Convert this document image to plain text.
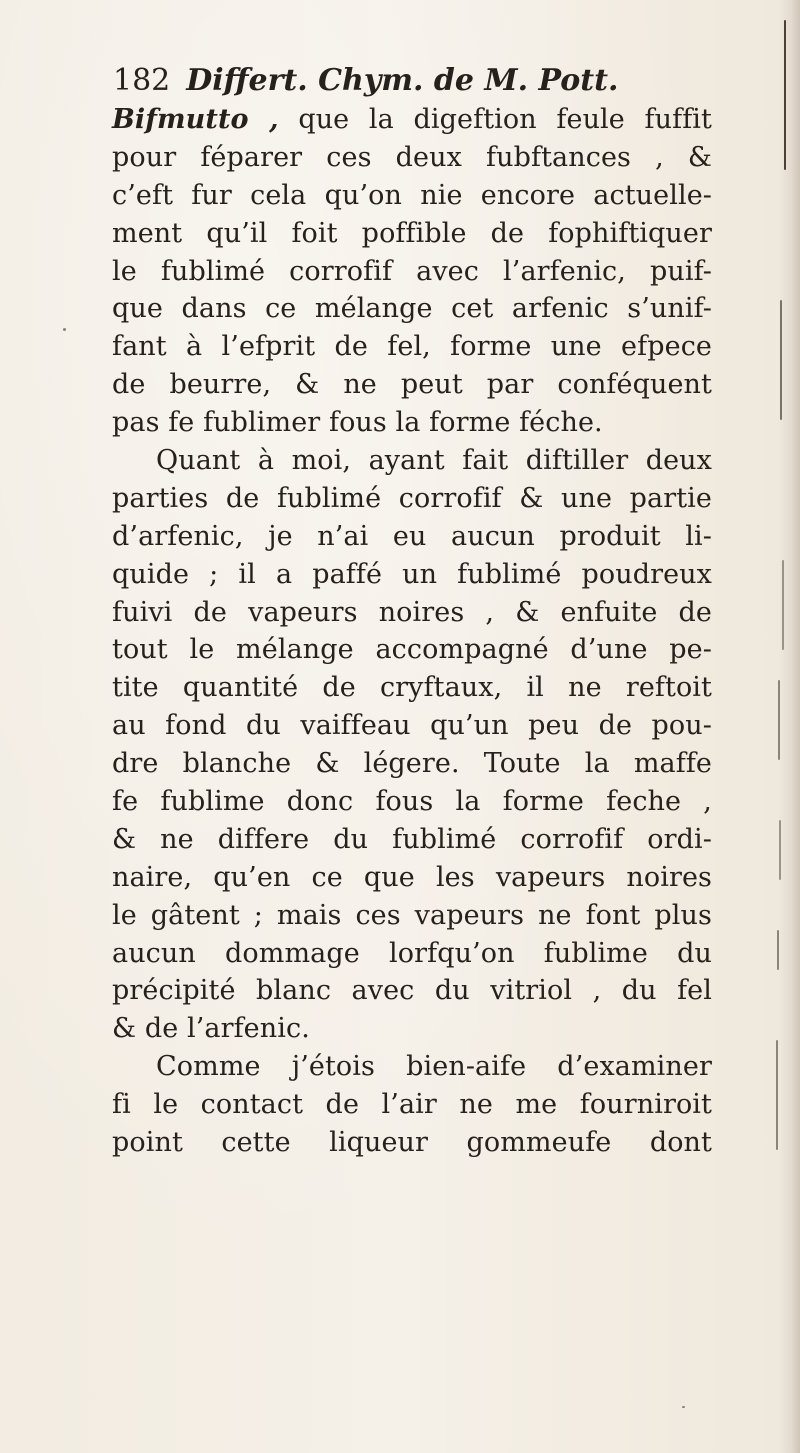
182 Differt. Chym. de M. Pott.
Bifmutto , que la digeftion feule fuffit
pour féparer ces deux fubftances , &
c’eft fur cela qu’on nie encore actuelle-
ment qu’il foit poffible de fophiftiquer
le fublimé corrofif avec l’arfenic, puif-
que dans ce mélange cet arfenic s’unif-
fant à l’efprit de fel, forme une efpece
de beurre, & ne peut par conféquent
pas fe fublimer fous la forme féche.
Quant à moi, ayant fait diftiller deux
parties de fublimé corrofif & une partie
d’arfenic, je n’ai eu aucun produit li-
quide ; il a paffé un fublimé poudreux
fuivi de vapeurs noires , & enfuite de
tout le mélange accompagné d’une pe-
tite quantité de cryftaux, il ne reftoit
au fond du vaiffeau qu’un peu de pou-
dre blanche & légere. Toute la maffe
fe fublime donc fous la forme feche ,
& ne differe du fublimé corrofif ordi-
naire, qu’en ce que les vapeurs noires
le gâtent ; mais ces vapeurs ne font plus
aucun dommage lorfqu’on fublime du
précipité blanc avec du vitriol , du fel
& de l’arfenic.
Comme j’étois bien-aife d’examiner
fi le contact de l’air ne me fourniroit
point cette liqueur gommeufe dont
